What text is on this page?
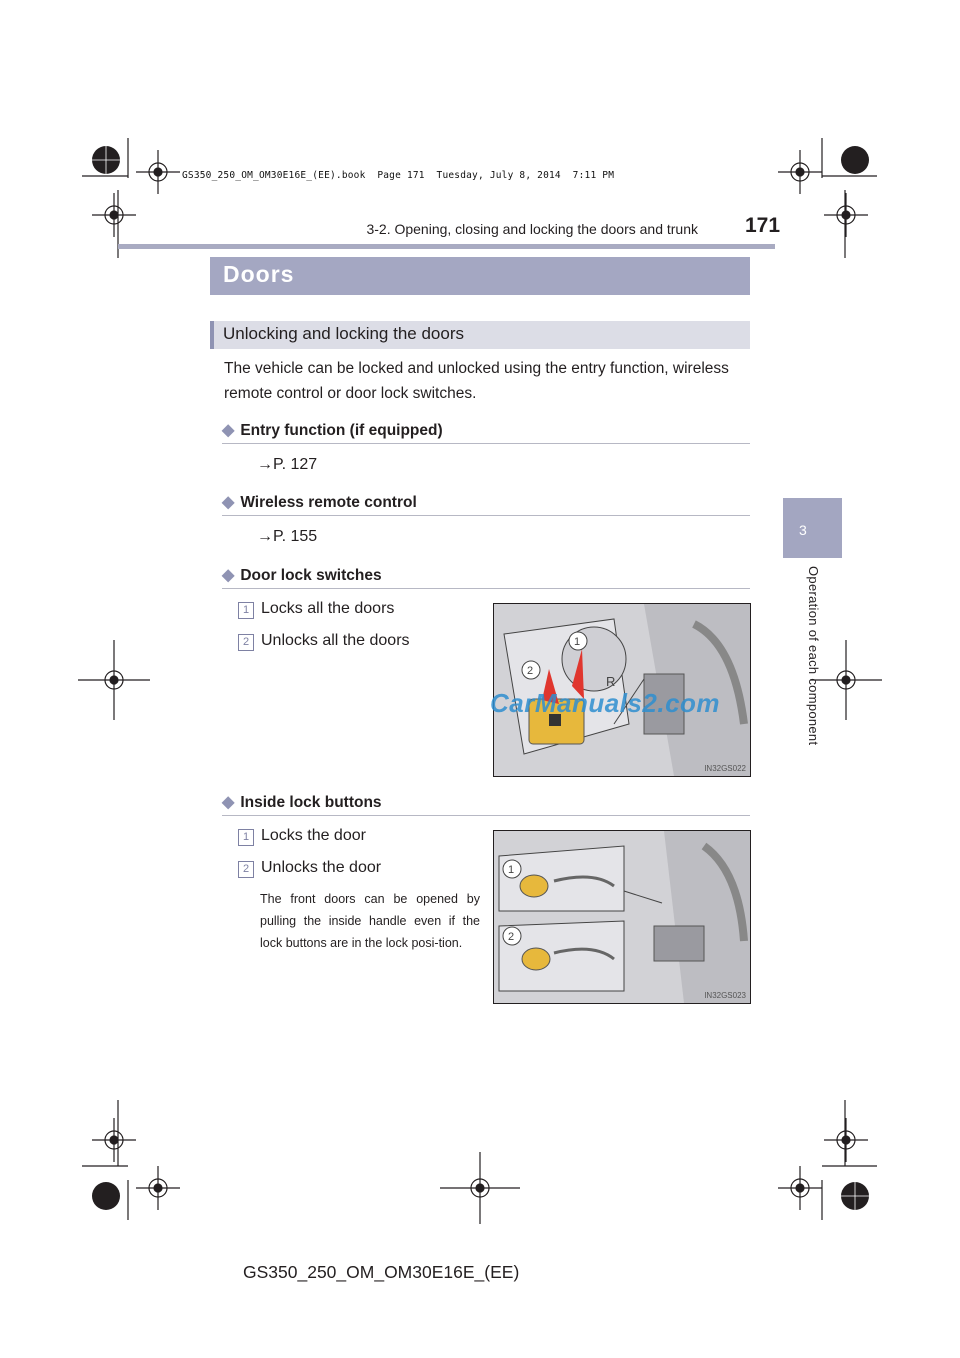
GS350_250_OM_OM30E16E_(EE).book  Page 171  Tuesday, July 8, 2014  7:11 PM
3-2. Opening, closing and locking the doors and trunk 171
3
Operation of each component
Doors
Unlocking and locking the doors
The vehicle can be locked and unlocked using the entry function, wireless remote control or door lock switches.
◆ Entry function (if equipped)
→P. 127
◆ Wireless remote control
→P. 155
◆ Door lock switches
1 Locks all the doors
2 Unlocks all the doors
R
1
2
IN32GS022
CarManuals2.com
◆ Inside lock buttons
1 Locks the door
2 Unlocks the door
The front doors can be opened by pulling the inside handle even if the lock buttons are in the lock posi-tion.
1
2
IN32GS023
GS350_250_OM_OM30E16E_(EE)
